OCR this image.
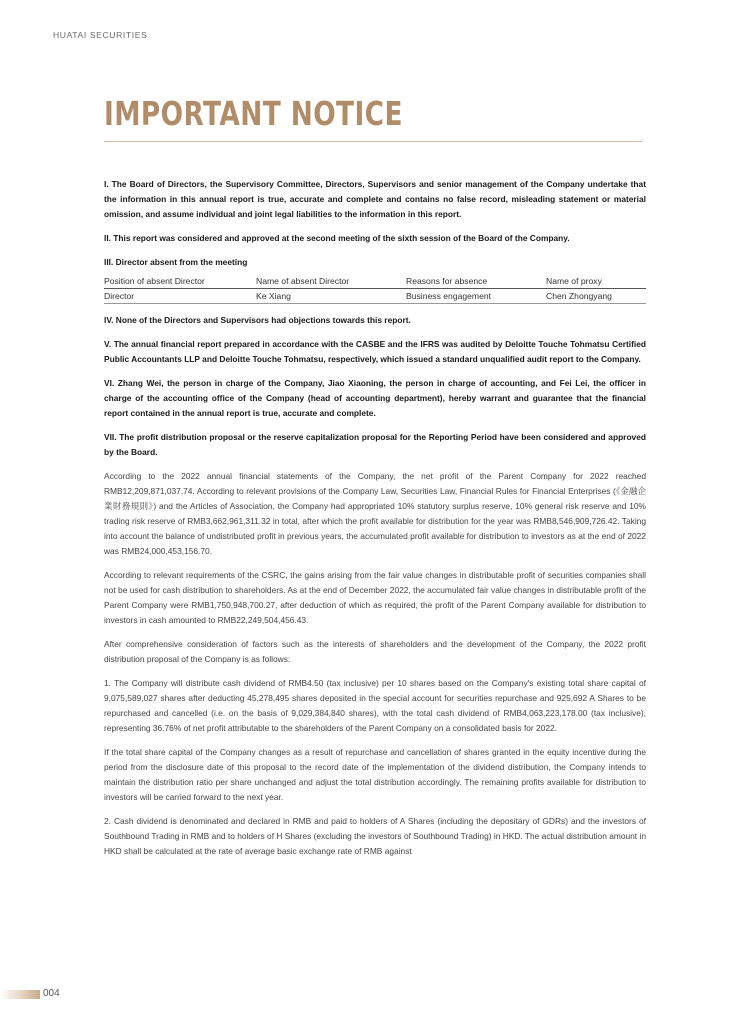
HUATAI SECURITIES
IMPORTANT NOTICE

I. The Board of Directors, the Supervisory Committee, Directors, Supervisors and senior management of the Company undertake that the information in this annual report is true, accurate and complete and contains no false record, misleading statement or material omission, and assume individual and joint legal liabilities to the information in this report.

II. This report was considered and approved at the second meeting of the sixth session of the Board of the Company.

III. Director absent from the meeting

Position of absent Director	Name of absent Director	Reasons for absence	Name of proxy
Director	Ke Xiang	Business engagement	Chen Zhongyang

IV. None of the Directors and Supervisors had objections towards this report.

V. The annual financial report prepared in accordance with the CASBE and the IFRS was audited by Deloitte Touche Tohmatsu Certified Public Accountants LLP and Deloitte Touche Tohmatsu, respectively, which issued a standard unqualified audit report to the Company.

VI. Zhang Wei, the person in charge of the Company, Jiao Xiaoning, the person in charge of accounting, and Fei Lei, the officer in charge of the accounting office of the Company (head of accounting department), hereby warrant and guarantee that the financial report contained in the annual report is true, accurate and complete.

VII. The profit distribution proposal or the reserve capitalization proposal for the Reporting Period have been considered and approved by the Board.

According to the 2022 annual financial statements of the Company, the net profit of the Parent Company for 2022 reached RMB12,209,871,037.74. According to relevant provisions of the Company Law, Securities Law, Financial Rules for Financial Enterprises (《金融企業財務規則》) and the Articles of Association, the Company had appropriated 10% statutory surplus reserve, 10% general risk reserve and 10% trading risk reserve of RMB3,662,961,311.32 in total, after which the profit available for distribution for the year was RMB8,546,909,726.42. Taking into account the balance of undistributed profit in previous years, the accumulated profit available for distribution to investors as at the end of 2022 was RMB24,000,453,156.70.

According to relevant requirements of the CSRC, the gains arising from the fair value changes in distributable profit of securities companies shall not be used for cash distribution to shareholders. As at the end of December 2022, the accumulated fair value changes in distributable profit of the Parent Company were RMB1,750,948,700.27, after deduction of which as required, the profit of the Parent Company available for distribution to investors in cash amounted to RMB22,249,504,456.43.

After comprehensive consideration of factors such as the interests of shareholders and the development of the Company, the 2022 profit distribution proposal of the Company is as follows:

1. The Company will distribute cash dividend of RMB4.50 (tax inclusive) per 10 shares based on the Company's existing total share capital of 9,075,589,027 shares after deducting 45,278,495 shares deposited in the special account for securities repurchase and 925,692 A Shares to be repurchased and cancelled (i.e. on the basis of 9,029,384,840 shares), with the total cash dividend of RMB4,063,223,178.00 (tax inclusive), representing 36.76% of net profit attributable to the shareholders of the Parent Company on a consolidated basis for 2022.

If the total share capital of the Company changes as a result of repurchase and cancellation of shares granted in the equity incentive during the period from the disclosure date of this proposal to the record date of the implementation of the dividend distribution, the Company intends to maintain the distribution ratio per share unchanged and adjust the total distribution accordingly. The remaining profits available for distribution to investors will be carried forward to the next year.

2. Cash dividend is denominated and declared in RMB and paid to holders of A Shares (including the depositary of GDRs) and the investors of Southbound Trading in RMB and to holders of H Shares (excluding the investors of Southbound Trading) in HKD. The actual distribution amount in HKD shall be calculated at the rate of average basic exchange rate of RMB against

004
